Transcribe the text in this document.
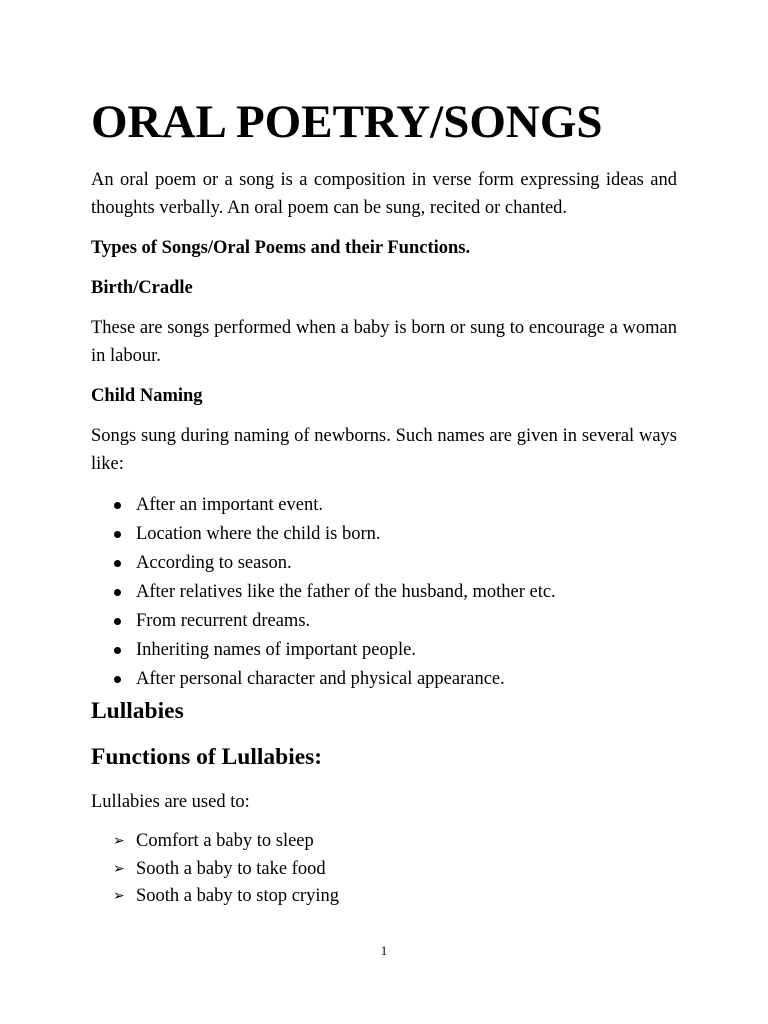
ORAL POETRY/SONGS

An oral poem or a song is a composition in verse form expressing ideas and thoughts verbally. An oral poem can be sung, recited or chanted.

Types of Songs/Oral Poems and their Functions.
Birth/Cradle

These are songs performed when a baby is born or sung to encourage a woman in labour.

Child Naming

Songs sung during naming of newborns. Such names are given in several ways like:

After an important event.
Location where the child is born.
According to season.
After relatives like the father of the husband, mother etc.
From recurrent dreams.
Inheriting names of important people.
After personal character and physical appearance.
Lullabies
Functions of Lullabies:

Lullabies are used to:

➢ Comfort a baby to sleep
➢ Sooth a baby to take food
➢ Sooth a baby to stop crying

1
